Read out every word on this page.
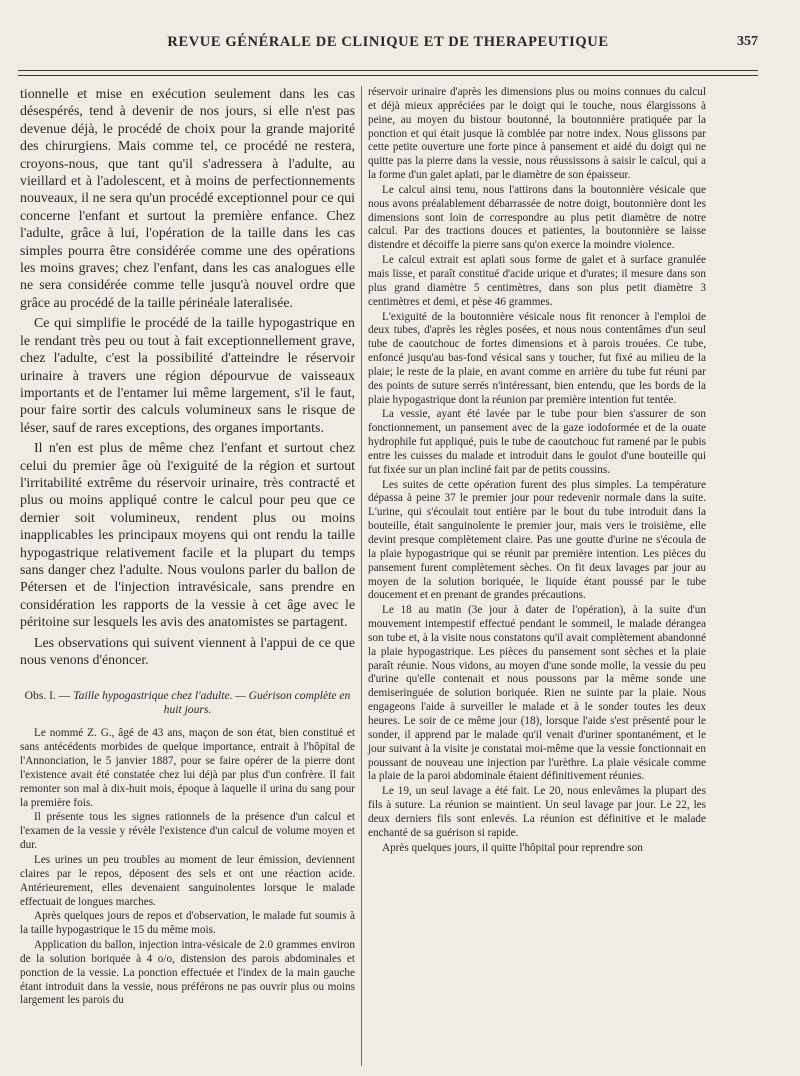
REVUE GÉNÉRALE DE CLINIQUE ET DE THERAPEUTIQUE	357

tionnelle et mise en exécution seulement dans les cas désespérés, tend à devenir de nos jours, si elle n'est pas devenue déjà, le procédé de choix pour la grande majorité des chirurgiens. Mais comme tel, ce procédé ne restera, croyons-nous, que tant qu'il s'adressera à l'adulte, au vieillard et à l'adolescent, et à moins de perfectionnements nouveaux, il ne sera qu'un procédé exceptionnel pour ce qui concerne l'enfant et surtout la première enfance. Chez l'adulte, grâce à lui, l'opération de la taille dans les cas simples pourra être considérée comme une des opérations les moins graves; chez l'enfant, dans les cas analogues elle ne sera considérée comme telle jusqu'à nouvel ordre que grâce au procédé de la taille périnéale lateralisée.

Ce qui simplifie le procédé de la taille hypogastrique en le rendant très peu ou tout à fait exceptionnellement grave, chez l'adulte, c'est la possibilité d'atteindre le réservoir urinaire à travers une région dépourvue de vaisseaux importants et de l'entamer lui même largement, s'il le faut, pour faire sortir des calculs volumineux sans le risque de léser, sauf de rares exceptions, des organes importants.

Il n'en est plus de même chez l'enfant et surtout chez celui du premier âge où l'exiguité de la région et surtout l'irritabilité extrême du réservoir urinaire, très contracté et plus ou moins appliqué contre le calcul pour peu que ce dernier soit volumineux, rendent plus ou moins inapplicables les principaux moyens qui ont rendu la taille hypogastrique relativement facile et la plupart du temps sans danger chez l'adulte. Nous voulons parler du ballon de Pétersen et de l'injection intravésicale, sans prendre en considération les rapports de la vessie à cet âge avec le péritoine sur lesquels les avis des anatomistes se partagent.

Les observations qui suivent viennent à l'appui de ce que nous venons d'énoncer.

Obs. I. — Taille hypogastrique chez l'adulte. — Guérison complète en huit jours.

Le nommé Z. G., âgé de 43 ans, maçon de son état, bien constitué et sans antécédents morbides de quelque importance, entrait à l'hôpital de l'Annonciation, le 5 janvier 1887, pour se faire opérer de la pierre dont l'existence avait été constatée chez lui déjà par plus d'un confrère. Il fait remonter son mal à dix-huit mois, époque à laquelle il urina du sang pour la première fois.

Il présente tous les signes rationnels de la présence d'un calcul et l'examen de la vessie y révèle l'existence d'un calcul de volume moyen et dur.

Les urines un peu troubles au moment de leur émission, deviennent claires par le repos, déposent des sels et ont une réaction acide. Antérieurement, elles devenaient sanguinolentes lorsque le malade effectuait de longues marches.

Après quelques jours de repos et d'observation, le malade fut soumis à la taille hypogastrique le 15 du même mois.

Application du ballon, injection intra-vésicale de 2.0 grammes environ de la solution boriquée à 4 o/o, distension des parois abdominales et ponction de la vessie. La ponction effectuée et l'index de la main gauche étant introduit dans la vessie, nous préférons ne pas ouvrir plus ou moins largement les parois du

réservoir urinaire d'après les dimensions plus ou moins connues du calcul et déjà mieux appréciées par le doigt qui le touche, nous élargissons à peine, au moyen du bistour boutonné, la boutonnière pratiquée par la ponction et qui était jusque là comblée par notre index. Nous glissons par cette petite ouverture une forte pince à pansement et aidé du doigt qui ne quitte pas la pierre dans la vessie, nous réussissons à saisir le calcul, qui a la forme d'un galet aplati, par le diamètre de son épaisseur.

Le calcul ainsi tenu, nous l'attirons dans la boutonnière vésicale que nous avons préalablement débarrassée de notre doigt, boutonnière dont les dimensions sont loin de correspondre au plus petit diamètre de notre calcul. Par des tractions douces et patientes, la boutonnière se laisse distendre et décoiffe la pierre sans qu'on exerce la moindre violence.

Le calcul extrait est aplati sous forme de galet et à surface granulée mais lisse, et paraît constitué d'acide urique et d'urates; il mesure dans son plus grand diamètre 5 centimètres, dans son plus petit diamètre 3 centimètres et demi, et pèse 46 grammes.

L'exiguité de la boutonnière vésicale nous fit renoncer à l'emploi de deux tubes, d'après les règles posées, et nous nous contentâmes d'un seul tube de caoutchouc de fortes dimensions et à parois trouées. Ce tube, enfoncé jusqu'au bas-fond vésical sans y toucher, fut fixé au milieu de la plaie; le reste de la plaie, en avant comme en arrière du tube fut réuni par des points de suture serrés n'intéressant, bien entendu, que les bords de la plaie hypogastrique dont la réunion par première intention fut tentée.

La vessie, ayant été lavée par le tube pour bien s'assurer de son fonctionnement, un pansement avec de la gaze iodoformée et de la ouate hydrophile fut appliqué, puis le tube de caoutchouc fut ramené par le pubis entre les cuisses du malade et introduit dans le goulot d'une bouteille qui fut fixée sur un plan incliné fait par de petits coussins.

Les suites de cette opération furent des plus simples. La température dépassa à peine 37 le premier jour pour redevenir normale dans la suite. L'urine, qui s'écoulait tout entière par le bout du tube introduit dans la bouteille, était sanguinolente le premier jour, mais vers le troisième, elle devint presque complètement claire. Pas une goutte d'urine ne s'écoula de la plaie hypogastrique qui se réunit par première intention. Les pièces du pansement furent complètement sèches. On fit deux lavages par jour au moyen de la solution boriquée, le liquide étant poussé par le tube doucement et en prenant de grandes précautions.

Le 18 au matin (3e jour à dater de l'opération), à la suite d'un mouvement intempestif effectué pendant le sommeil, le malade dérangea son tube et, à la visite nous constatons qu'il avait complètement abandonné la plaie hypogastrique. Les pièces du pansement sont sèches et la plaie paraît réunie. Nous vidons, au moyen d'une sonde molle, la vessie du peu d'urine qu'elle contenait et nous poussons par la même sonde une demiseringuée de solution boriquée. Rien ne suinte par la plaie. Nous engageons l'aide à surveiller le malade et à le sonder toutes les deux heures. Le soir de ce même jour (18), lorsque l'aide s'est présenté pour le sonder, il apprend par le malade qu'il venait d'uriner spontanément, et le jour suivant à la visite je constatai moi-même que la vessie fonctionnait en poussant de nouveau une injection par l'urèthre. La plaie vésicale comme la plaie de la paroi abdominale étaient définitivement réunies.

Le 19, un seul lavage a été fait. Le 20, nous enlevâmes la plupart des fils à suture. La réunion se maintient. Un seul lavage par jour. Le 22, les deux derniers fils sont enlevés. La réunion est définitive et le malade enchanté de sa guérison si rapide.

Après quelques jours, il quitte l'hôpital pour reprendre son
